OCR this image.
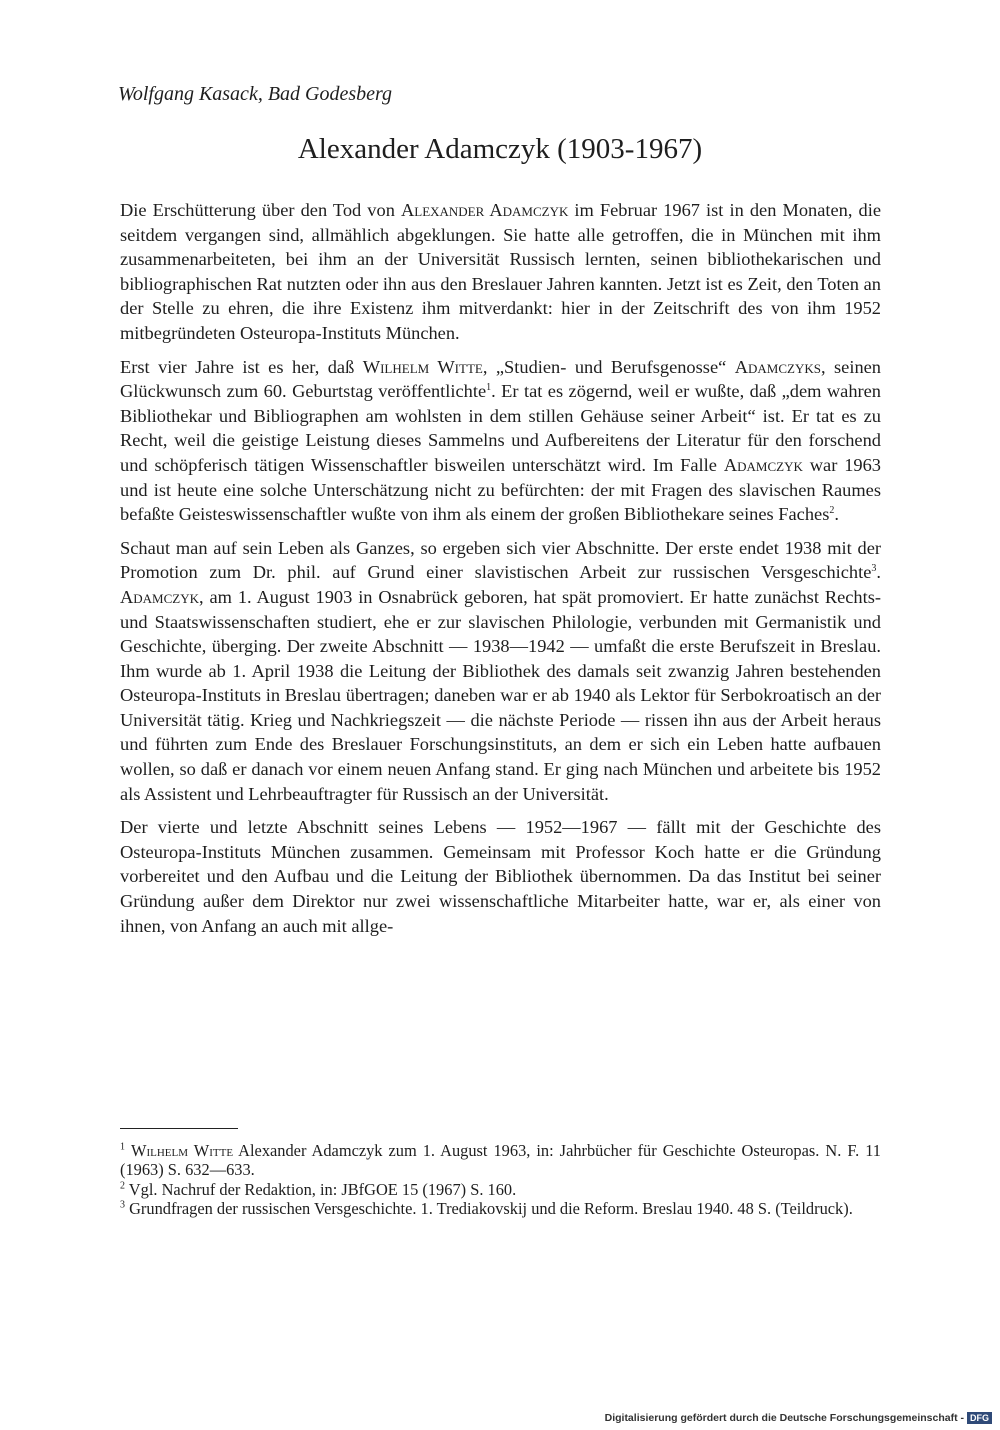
Wolfgang Kasack, Bad Godesberg
Alexander Adamczyk (1903-1967)

Die Erschütterung über den Tod von Alexander Adamczyk im Februar 1967 ist in den Monaten, die seitdem vergangen sind, allmählich abgeklungen. Sie hatte alle getroffen, die in München mit ihm zusammenarbeiteten, bei ihm an der Universität Russisch lernten, seinen bibliothekarischen und bibliographischen Rat nutzten oder ihn aus den Breslauer Jahren kannten. Jetzt ist es Zeit, den Toten an der Stelle zu ehren, die ihre Existenz ihm mitverdankt: hier in der Zeitschrift des von ihm 1952 mitbegründeten Osteuropa-Instituts München.

Erst vier Jahre ist es her, daß Wilhelm Witte, „Studien- und Berufsgenosse“ Adamczyks, seinen Glückwunsch zum 60. Geburtstag veröffentlichte$^1$. Er tat es zögernd, weil er wußte, daß „dem wahren Bibliothekar und Bibliographen am wohlsten in dem stillen Gehäuse seiner Arbeit“ ist. Er tat es zu Recht, weil die geistige Leistung dieses Sammelns und Aufbereitens der Literatur für den forschend und schöpferisch tätigen Wissenschaftler bisweilen unterschätzt wird. Im Falle Adamczyk war 1963 und ist heute eine solche Unterschätzung nicht zu befürchten: der mit Fragen des slavischen Raumes befaßte Geisteswissenschaftler wußte von ihm als einem der großen Bibliothekare seines Faches$^2$.

Schaut man auf sein Leben als Ganzes, so ergeben sich vier Abschnitte. Der erste endet 1938 mit der Promotion zum Dr. phil. auf Grund einer slavistischen Arbeit zur russischen Versgeschichte$^3$. Adamczyk, am 1. August 1903 in Osnabrück geboren, hat spät promoviert. Er hatte zunächst Rechts- und Staatswissenschaften studiert, ehe er zur slavischen Philologie, verbunden mit Germanistik und Geschichte, überging. Der zweite Abschnitt — 1938—1942 — umfaßt die erste Berufszeit in Breslau. Ihm wurde ab 1. April 1938 die Leitung der Bibliothek des damals seit zwanzig Jahren bestehenden Osteuropa-Instituts in Breslau übertragen; daneben war er ab 1940 als Lektor für Serbokroatisch an der Universität tätig. Krieg und Nachkriegszeit — die nächste Periode — rissen ihn aus der Arbeit heraus und führten zum Ende des Breslauer Forschungsinstituts, an dem er sich ein Leben hatte aufbauen wollen, so daß er danach vor einem neuen Anfang stand. Er ging nach München und arbeitete bis 1952 als Assistent und Lehrbeauftragter für Russisch an der Universität.

Der vierte und letzte Abschnitt seines Lebens — 1952—1967 — fällt mit der Geschichte des Osteuropa-Instituts München zusammen. Gemeinsam mit Professor Koch hatte er die Gründung vorbereitet und den Aufbau und die Leitung der Bibliothek übernommen. Da das Institut bei seiner Gründung außer dem Direktor nur zwei wissenschaftliche Mitarbeiter hatte, war er, als einer von ihnen, von Anfang an auch mit allge-

$^1$ Wilhelm Witte Alexander Adamczyk zum 1. August 1963, in: Jahrbücher für Geschichte Osteuropas. N. F. 11 (1963) S. 632—633.

$^2$ Vgl. Nachruf der Redaktion, in: JBfGOE 15 (1967) S. 160.

$^3$ Grundfragen der russischen Versgeschichte. 1. Trediakovskij und die Reform. Breslau 1940. 48 S. (Teildruck).

Digitalisierung gefördert durch die Deutsche Forschungsgemeinschaft - DFG
